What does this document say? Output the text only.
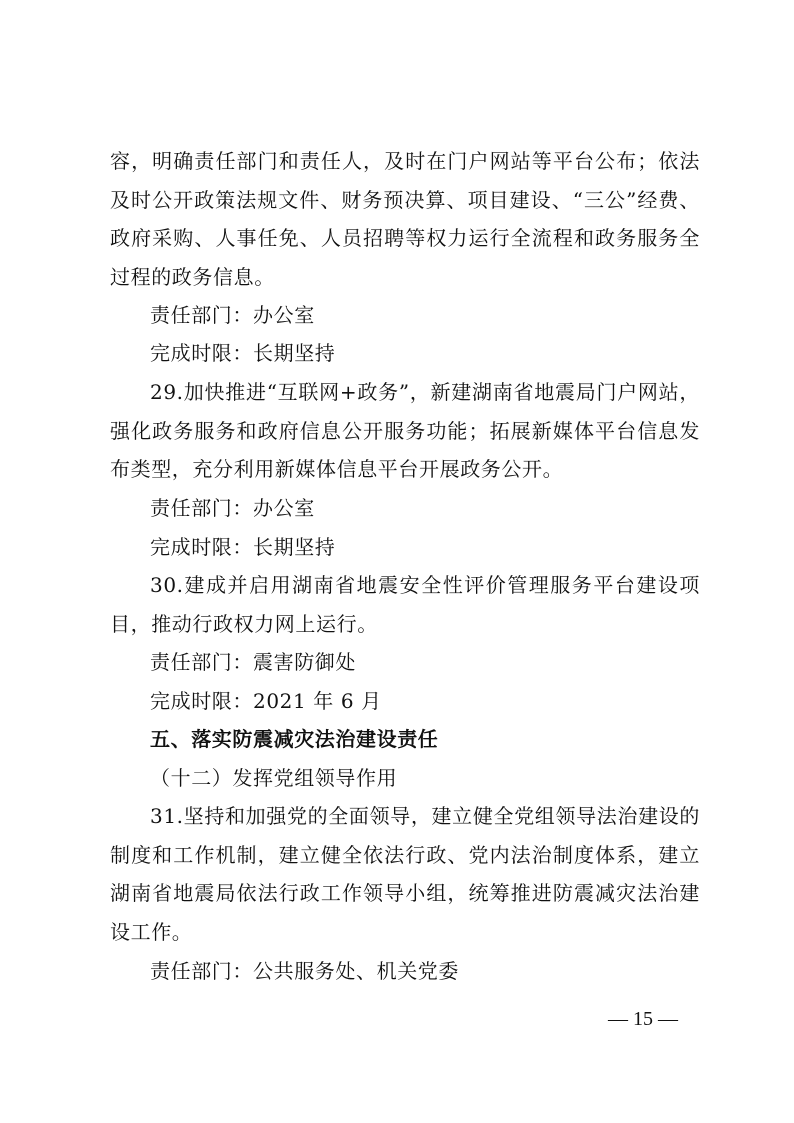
容，明确责任部门和责任人，及时在门户网站等平台公布；依法及时公开政策法规文件、财务预决算、项目建设、“三公”经费、政府采购、人事任免、人员招聘等权力运行全流程和政务服务全过程的政务信息。
责任部门：办公室
完成时限：长期坚持
29.加快推进“互联网+政务”，新建湖南省地震局门户网站，强化政务服务和政府信息公开服务功能；拓展新媒体平台信息发布类型，充分利用新媒体信息平台开展政务公开。
责任部门：办公室
完成时限：长期坚持
30.建成并启用湖南省地震安全性评价管理服务平台建设项目，推动行政权力网上运行。
责任部门：震害防御处
完成时限：2021 年 6 月
五、落实防震减灾法治建设责任
（十二）发挥党组领导作用
31.坚持和加强党的全面领导，建立健全党组领导法治建设的制度和工作机制，建立健全依法行政、党内法治制度体系，建立湖南省地震局依法行政工作领导小组，统筹推进防震减灾法治建设工作。
责任部门：公共服务处、机关党委
— 15 —
